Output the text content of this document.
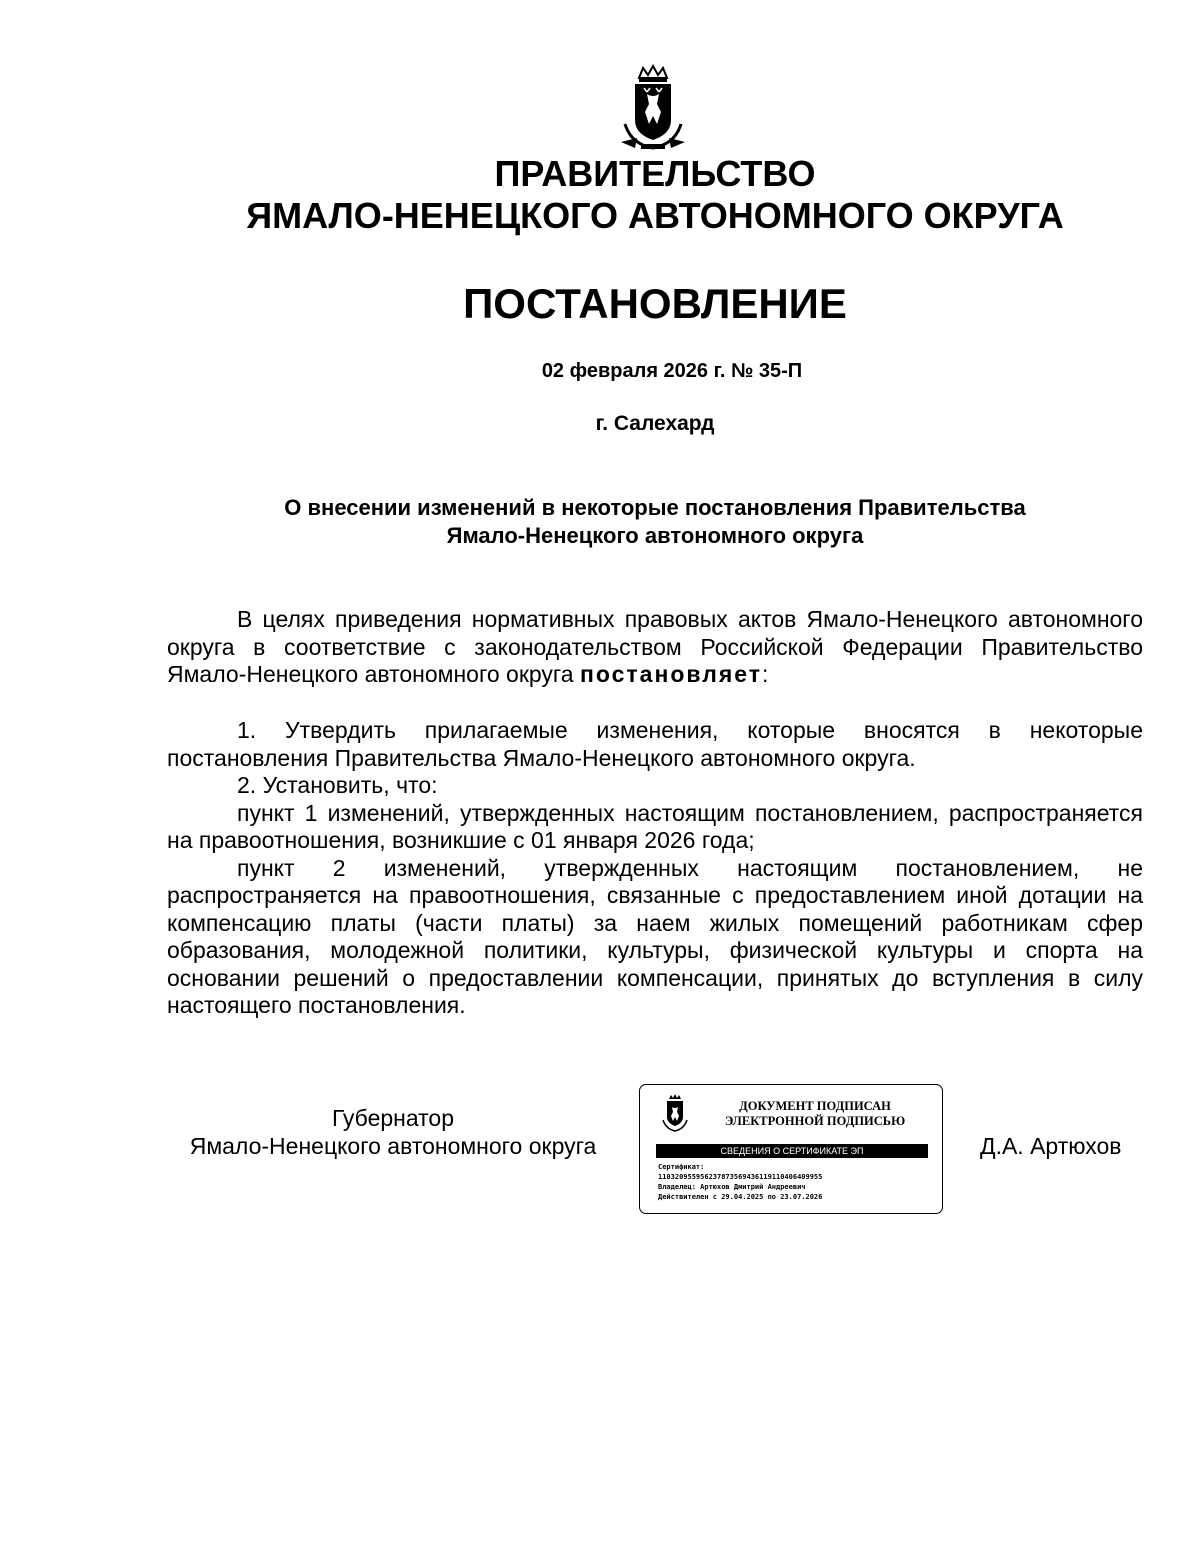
ПРАВИТЕЛЬСТВО
ЯМАЛО-НЕНЕЦКОГО АВТОНОМНОГО ОКРУГА
ПОСТАНОВЛЕНИЕ
02 февраля 2026 г. № 35-П
г. Салехард
О внесении изменений в некоторые постановления Правительства
Ямало-Ненецкого автономного округа

В целях приведения нормативных правовых актов Ямало-Ненецкого автономного округа в соответствие с законодательством Российской Федерации Правительство Ямало-Ненецкого автономного округа постановляет:

1. Утвердить прилагаемые изменения, которые вносятся в некоторые постановления Правительства Ямало-Ненецкого автономного округа.

2. Установить, что:

пункт 1 изменений, утвержденных настоящим постановлением, распространяется на правоотношения, возникшие с 01 января 2026 года;

пункт 2 изменений, утвержденных настоящим постановлением, не распространяется на правоотношения, связанные с предоставлением иной дотации на компенсацию платы (части платы) за наем жилых помещений работникам сфер образования, молодежной политики, культуры, физической культуры и спорта на основании решений о предоставлении компенсации, принятых до вступления в силу настоящего постановления.

Губернатор
Ямало-Ненецкого автономного округа
ДОКУМЕНТ ПОДПИСАН
ЭЛЕКТРОННОЙ ПОДПИСЬЮ
СВЕДЕНИЯ О СЕРТИФИКАТЕ ЭП
Сертификат:
110320955956237873569436119110406409955
Владелец: Артюхов Дмитрий Андреевич
Действителен с 29.04.2025 по 23.07.2026
Д.А. Артюхов
